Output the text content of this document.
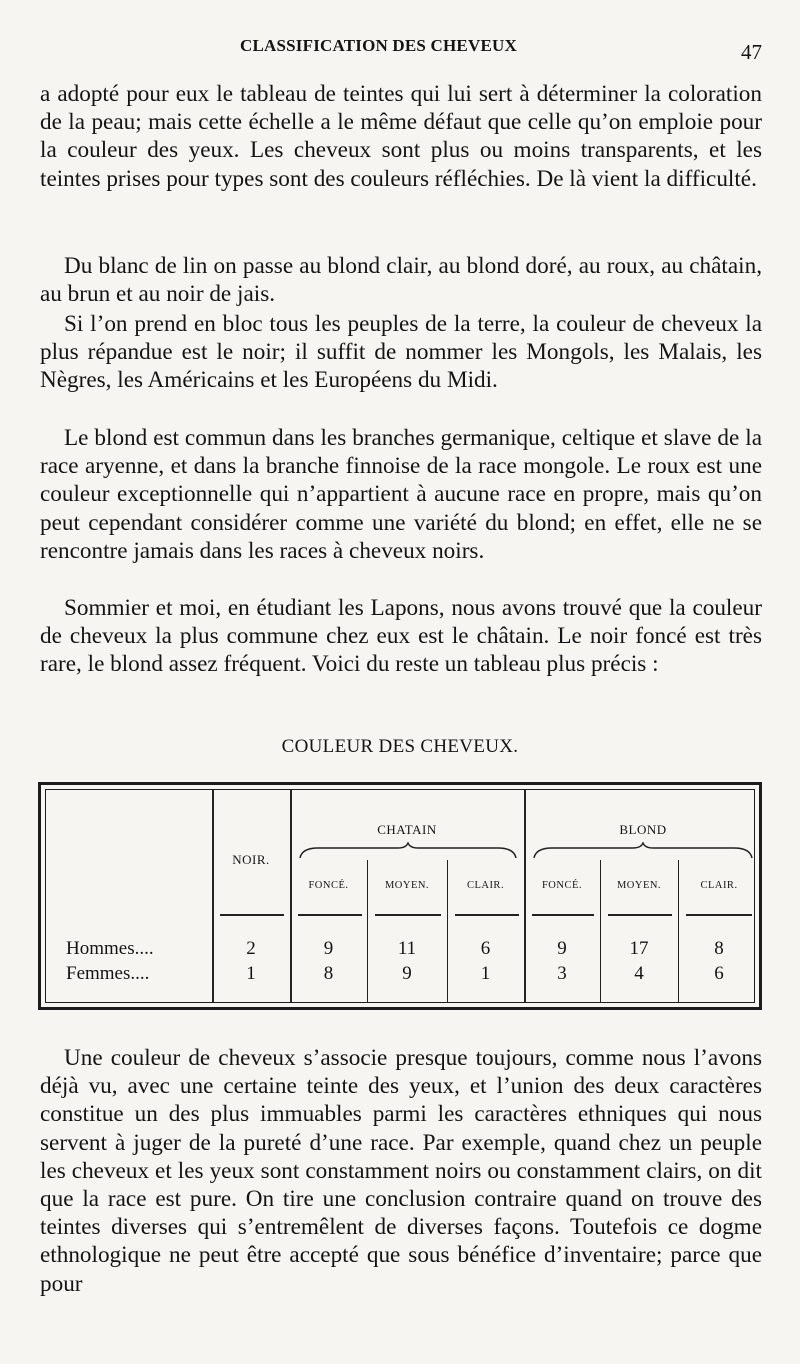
CLASSIFICATION DES CHEVEUX	47

a adopté pour eux le tableau de teintes qui lui sert à déterminer la coloration de la peau; mais cette échelle a le même défaut que celle qu’on emploie pour la couleur des yeux. Les cheveux sont plus ou moins transparents, et les teintes prises pour types sont des couleurs réfléchies. De là vient la difficulté.

Du blanc de lin on passe au blond clair, au blond doré, au roux, au châtain, au brun et au noir de jais.

Si l’on prend en bloc tous les peuples de la terre, la couleur de cheveux la plus répandue est le noir; il suffit de nommer les Mongols, les Malais, les Nègres, les Américains et les Européens du Midi.

Le blond est commun dans les branches germanique, celtique et slave de la race aryenne, et dans la branche finnoise de la race mongole. Le roux est une couleur exceptionnelle qui n’appartient à aucune race en propre, mais qu’on peut cependant considérer comme une variété du blond; en effet, elle ne se rencontre jamais dans les races à cheveux noirs.

Sommier et moi, en étudiant les Lapons, nous avons trouvé que la couleur de cheveux la plus commune chez eux est le châtain. Le noir foncé est très rare, le blond assez fréquent. Voici du reste un tableau plus précis :

COULEUR DES CHEVEUX.
NOIR.
CHATAIN	BLOND
FONCÉ.	MOYEN.	CLAIR.	FONCÉ.	MOYEN.	CLAIR.
Hommes....	2	9	11	6	9	17	8
Femmes....	1	8	9	1	3	4	6

Une couleur de cheveux s’associe presque toujours, comme nous l’avons déjà vu, avec une certaine teinte des yeux, et l’union des deux caractères constitue un des plus immuables parmi les caractères ethniques qui nous servent à juger de la pureté d’une race. Par exemple, quand chez un peuple les cheveux et les yeux sont constamment noirs ou constamment clairs, on dit que la race est pure. On tire une conclusion contraire quand on trouve des teintes diverses qui s’entremêlent de diverses façons. Toutefois ce dogme ethnologique ne peut être accepté que sous bénéfice d’inventaire; parce que pour
